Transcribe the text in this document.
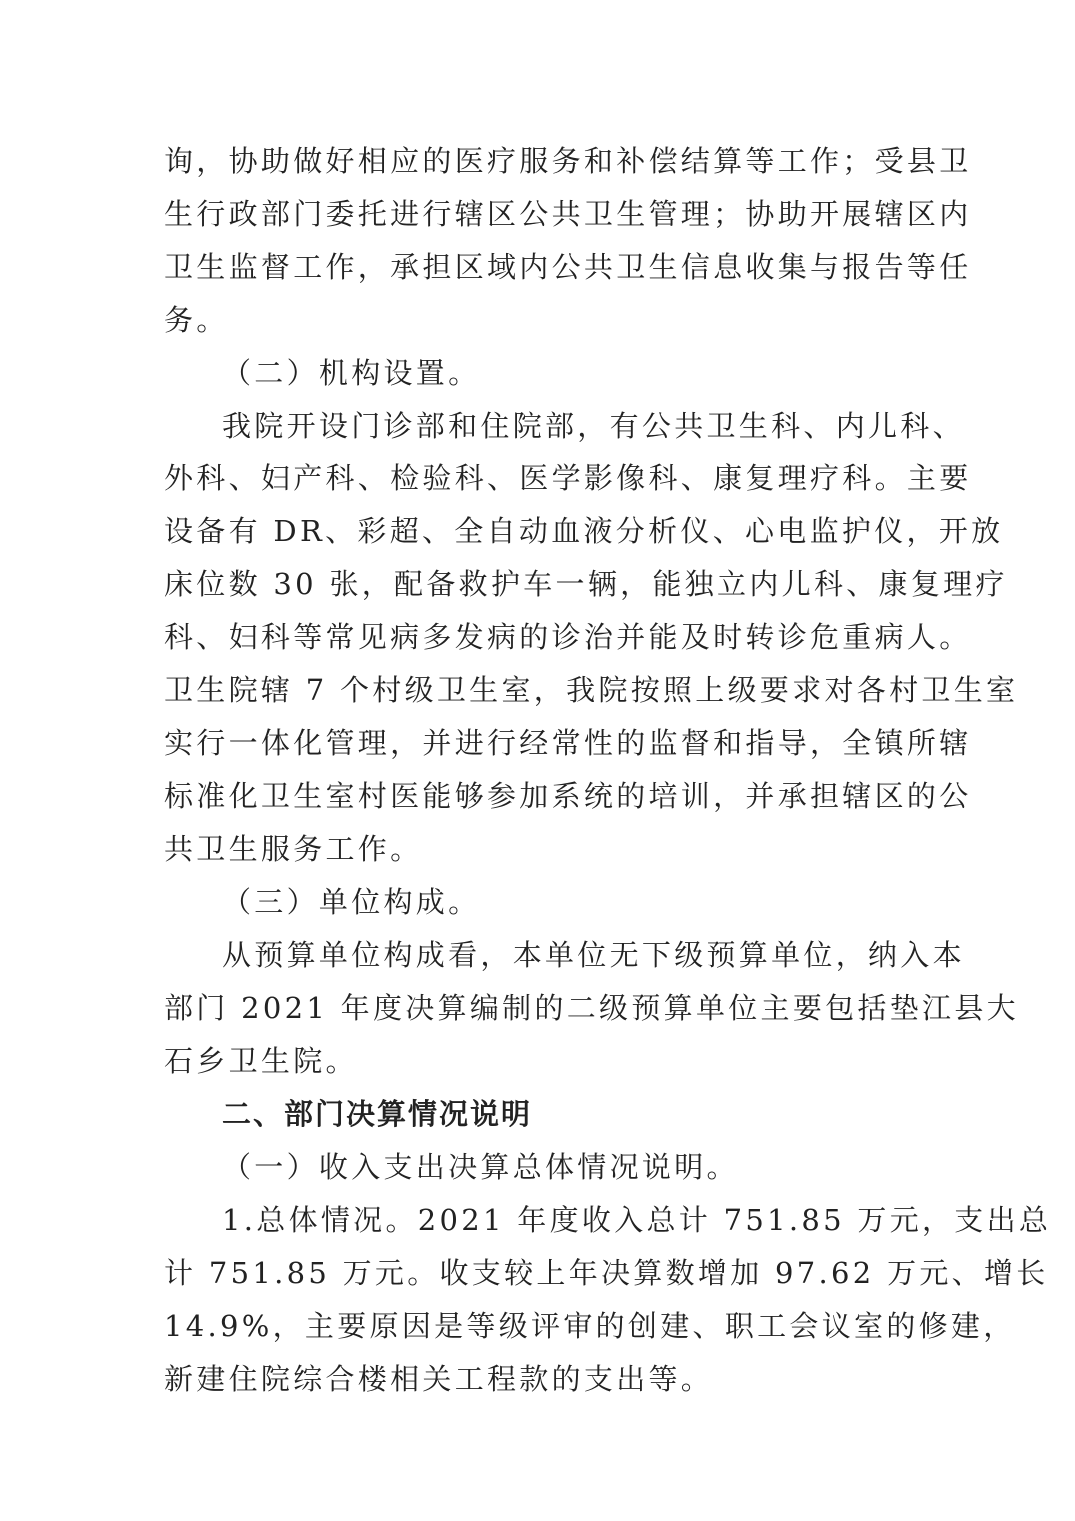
询，协助做好相应的医疗服务和补偿结算等工作；受县卫

生行政部门委托进行辖区公共卫生管理；协助开展辖区内

卫生监督工作，承担区域内公共卫生信息收集与报告等任

务。

（二）机构设置。

我院开设门诊部和住院部，有公共卫生科、内儿科、

外科、妇产科、检验科、医学影像科、康复理疗科。主要

设备有 DR、彩超、全自动血液分析仪、心电监护仪，开放

床位数 30 张，配备救护车一辆，能独立内儿科、康复理疗

科、妇科等常见病多发病的诊治并能及时转诊危重病人。

卫生院辖 7 个村级卫生室，我院按照上级要求对各村卫生室

实行一体化管理，并进行经常性的监督和指导，全镇所辖

标准化卫生室村医能够参加系统的培训，并承担辖区的公

共卫生服务工作。

（三）单位构成。

从预算单位构成看，本单位无下级预算单位，纳入本

部门 2021 年度决算编制的二级预算单位主要包括垫江县大

石乡卫生院。

二、部门决算情况说明

（一）收入支出决算总体情况说明。

1.总体情况。2021 年度收入总计 751.85 万元，支出总

计 751.85 万元。收支较上年决算数增加 97.62 万元、增长

14.9%，主要原因是等级评审的创建、职工会议室的修建，

新建住院综合楼相关工程款的支出等。
